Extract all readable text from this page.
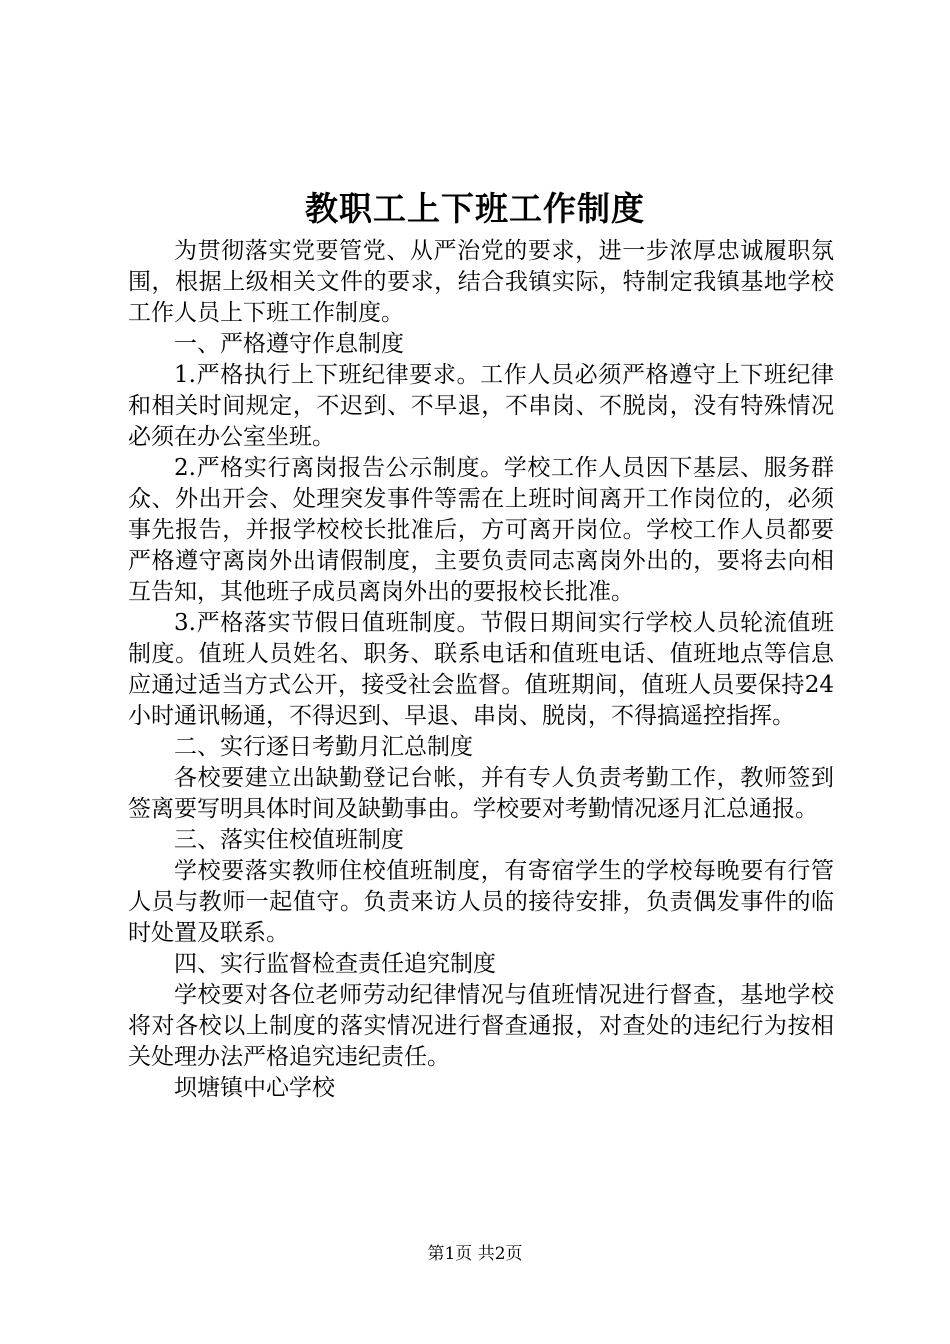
教职工上下班工作制度

为贯彻落实党要管党、从严治党的要求，进一步浓厚忠诚履职氛围，根据上级相关文件的要求，结合我镇实际，特制定我镇基地学校工作人员上下班工作制度。

一、严格遵守作息制度

1.严格执行上下班纪律要求。工作人员必须严格遵守上下班纪律和相关时间规定，不迟到、不早退，不串岗、不脱岗，没有特殊情况必须在办公室坐班。

2.严格实行离岗报告公示制度。学校工作人员因下基层、服务群众、外出开会、处理突发事件等需在上班时间离开工作岗位的，必须事先报告，并报学校校长批准后，方可离开岗位。学校工作人员都要严格遵守离岗外出请假制度，主要负责同志离岗外出的，要将去向相互告知，其他班子成员离岗外出的要报校长批准。

3.严格落实节假日值班制度。节假日期间实行学校人员轮流值班制度。值班人员姓名、职务、联系电话和值班电话、值班地点等信息应通过适当方式公开，接受社会监督。值班期间，值班人员要保持24小时通讯畅通，不得迟到、早退、串岗、脱岗，不得搞遥控指挥。

二、实行逐日考勤月汇总制度

各校要建立出缺勤登记台帐，并有专人负责考勤工作，教师签到签离要写明具体时间及缺勤事由。学校要对考勤情况逐月汇总通报。

三、落实住校值班制度

学校要落实教师住校值班制度，有寄宿学生的学校每晚要有行管人员与教师一起值守。负责来访人员的接待安排，负责偶发事件的临时处置及联系。

四、实行监督检查责任追究制度

学校要对各位老师劳动纪律情况与值班情况进行督查，基地学校将对各校以上制度的落实情况进行督查通报，对查处的违纪行为按相关处理办法严格追究违纪责任。

坝塘镇中心学校

第1页 共2页
